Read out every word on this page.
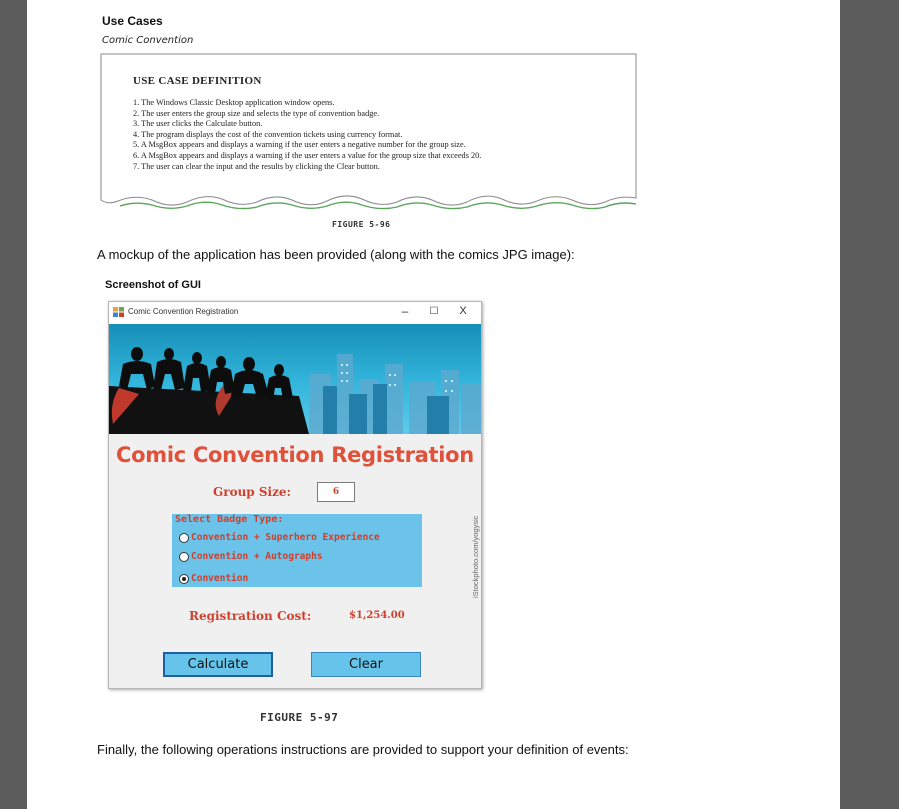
Use Cases
Comic Convention
USE CASE DEFINITION
1. The Windows Classic Desktop application window opens.
2. The user enters the group size and selects the type of convention badge.
3. The user clicks the Calculate button.
4. The program displays the cost of the convention tickets using currency format.
5. A MsgBox appears and displays a warning if the user enters a negative number for the group size.
6. A MsgBox appears and displays a warning if the user enters a value for the group size that exceeds 20.
7. The user can clear the input and the results by clicking the Clear button.
FIGURE 5-96
A mockup of the application has been provided (along with the comics JPG image):
Screenshot of GUI
Comic Convention Registration	–	☐	X
Comic Convention Registration
Group Size:	6
Select Badge Type:
Convention + Superhero Experience
Convention + Autographs
Convention
Registration Cost:	$1,254.00
Calculate	Clear
iStockphoto.com/yogysic
FIGURE 5-97
Finally, the following operations instructions are provided to support your definition of events:
